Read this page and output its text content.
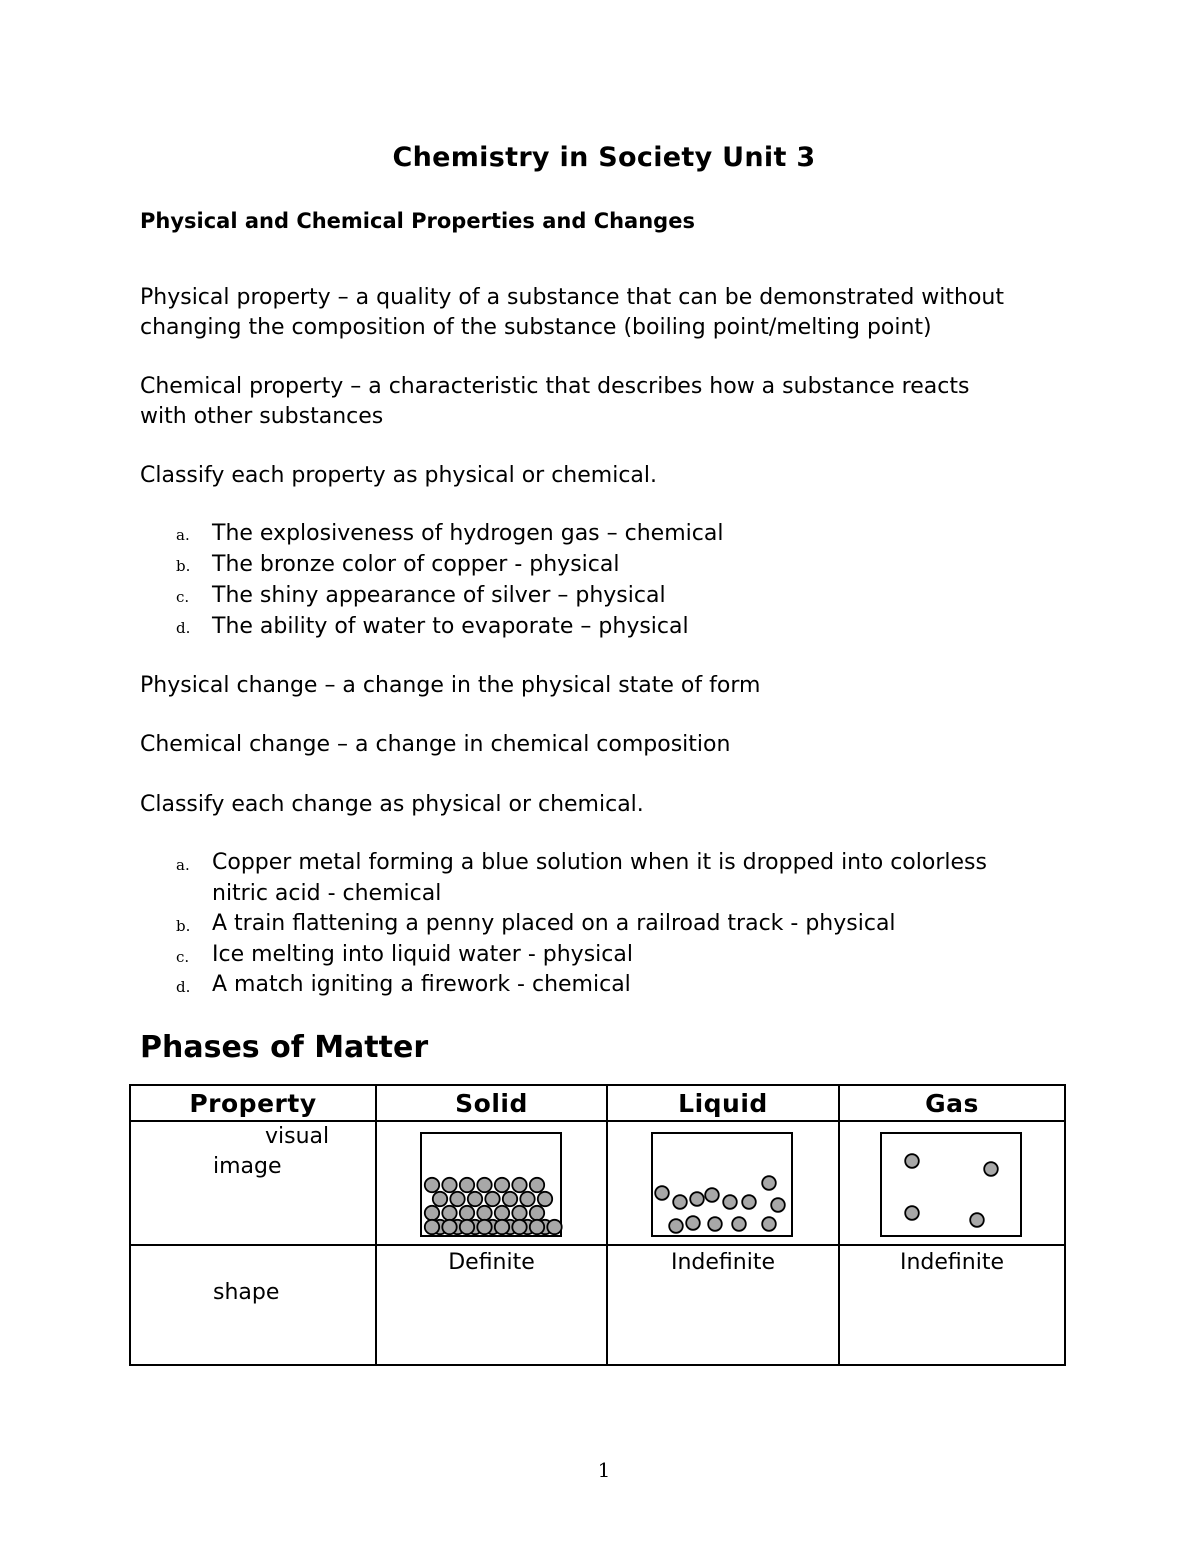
Chemistry in Society Unit 3
Physical and Chemical Properties and Changes
Physical property – a quality of a substance that can be demonstrated without
changing the composition of the substance (boiling point/melting point)
Chemical property – a characteristic that describes how a substance reacts
with other substances
Classify each property as physical or chemical.
a. The explosiveness of hydrogen gas – chemical
b. The bronze color of copper - physical
c. The shiny appearance of silver – physical
d. The ability of water to evaporate – physical
Physical change – a change in the physical state of form
Chemical change – a change in chemical composition
Classify each change as physical or chemical.
a. Copper metal forming a blue solution when it is dropped into colorless
nitric acid - chemical
b. A train flattening a penny placed on a railroad track - physical
c. Ice melting into liquid water - physical
d. A match igniting a firework - chemical
Phases of Matter
Property	Solid	Liquid	Gas

visual
image

shape	Definite	Indefinite	Indefinite
1
